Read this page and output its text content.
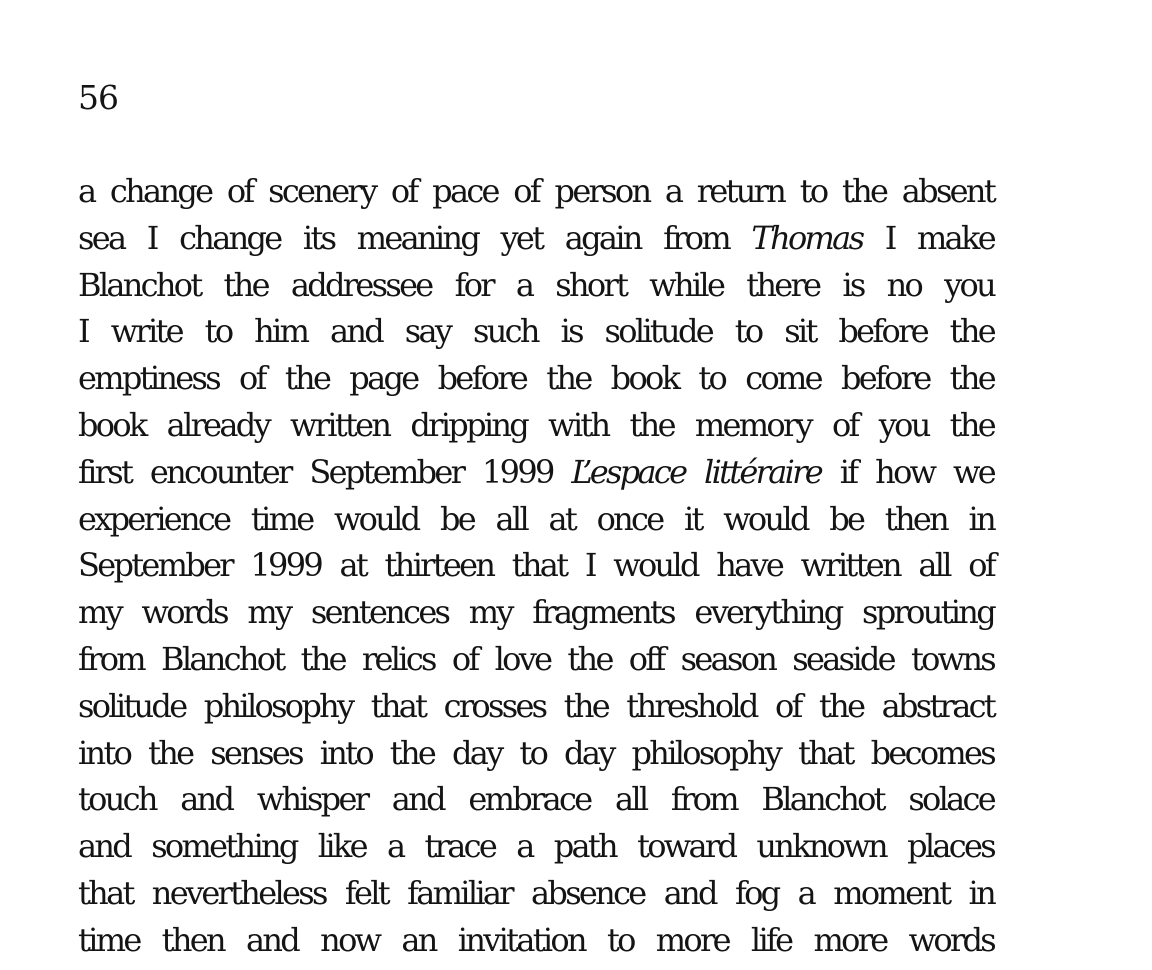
56

a change of scenery of pace of person a return to the absent
sea I change its meaning yet again from Thomas I make
Blanchot the addressee for a short while there is no you
I write to him and say such is solitude to sit before the
emptiness of the page before the book to come before the
book already written dripping with the memory of you the
first encounter September 1999 L’espace littéraire if how we
experience time would be all at once it would be then in
September 1999 at thirteen that I would have written all of
my words my sentences my fragments everything sprouting
from Blanchot the relics of love the off season seaside towns
solitude philosophy that crosses the threshold of the abstract
into the senses into the day to day philosophy that becomes
touch and whisper and embrace all from Blanchot solace
and something like a trace a path toward unknown places
that nevertheless felt familiar absence and fog a moment in
time then and now an invitation to more life more words
